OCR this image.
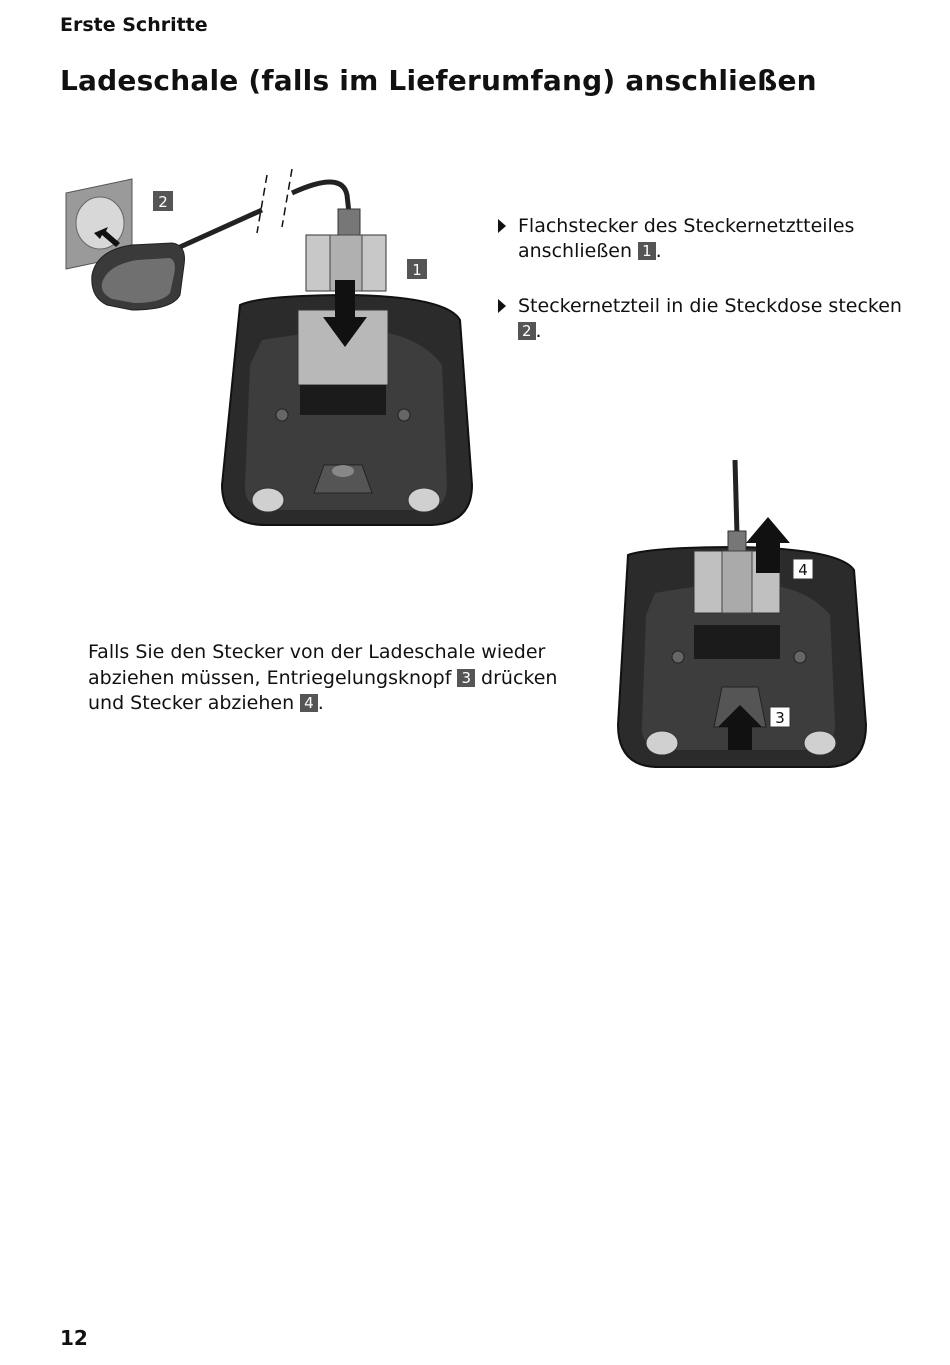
Erste Schritte
Ladeschale (falls im Lieferumfang) anschließen
1
2
Flachstecker des Steckernetztteiles anschließen 1 .
Steckernetzteil in die Steckdose stecken 2 .
Falls Sie den Stecker von der Ladeschale wieder abziehen müssen, Entriegelungsknopf 3 drücken und Stecker abziehen 4 .
4
3
12
